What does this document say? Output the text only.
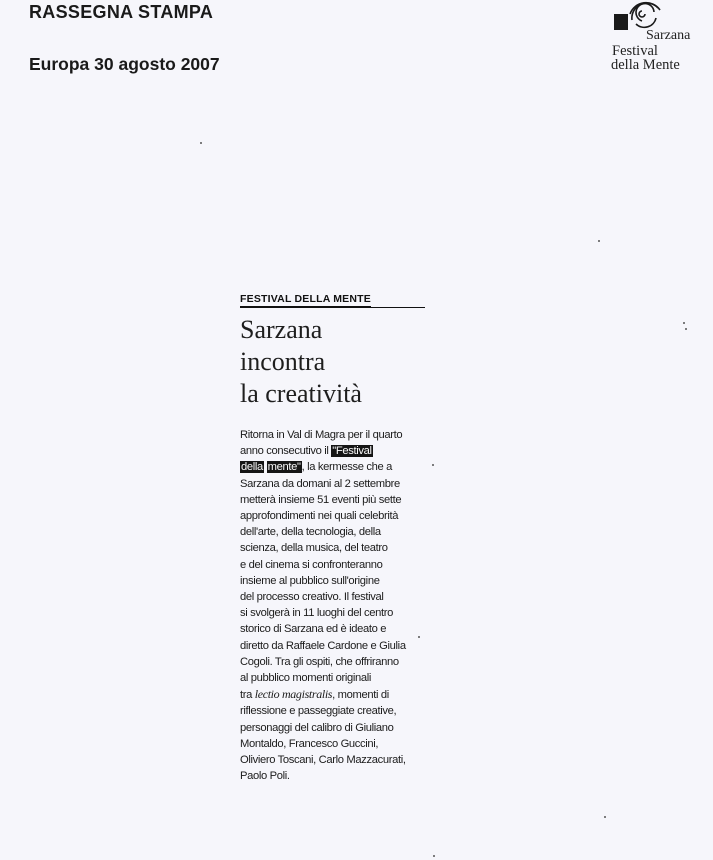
RASSEGNA STAMPA
Europa 30 agosto 2007
Sarzana
Festival
della Mente
FESTIVAL DELLA MENTE
Sarzana
incontra
la creatività
Ritorna in Val di Magra per il quarto
anno consecutivo il "Festival
della mente", la kermesse che a
Sarzana da domani al 2 settembre
metterà insieme 51 eventi più sette
approfondimenti nei quali celebrità
dell'arte, della tecnologia, della
scienza, della musica, del teatro
e del cinema si confronteranno
insieme al pubblico sull'origine
del processo creativo. Il festival
si svolgerà in 11 luoghi del centro
storico di Sarzana ed è ideato e
diretto da Raffaele Cardone e Giulia
Cogoli. Tra gli ospiti, che offriranno
al pubblico momenti originali
tra lectio magistralis, momenti di
riflessione e passeggiate creative,
personaggi del calibro di Giuliano
Montaldo, Francesco Guccini,
Oliviero Toscani, Carlo Mazzacurati,
Paolo Poli.
